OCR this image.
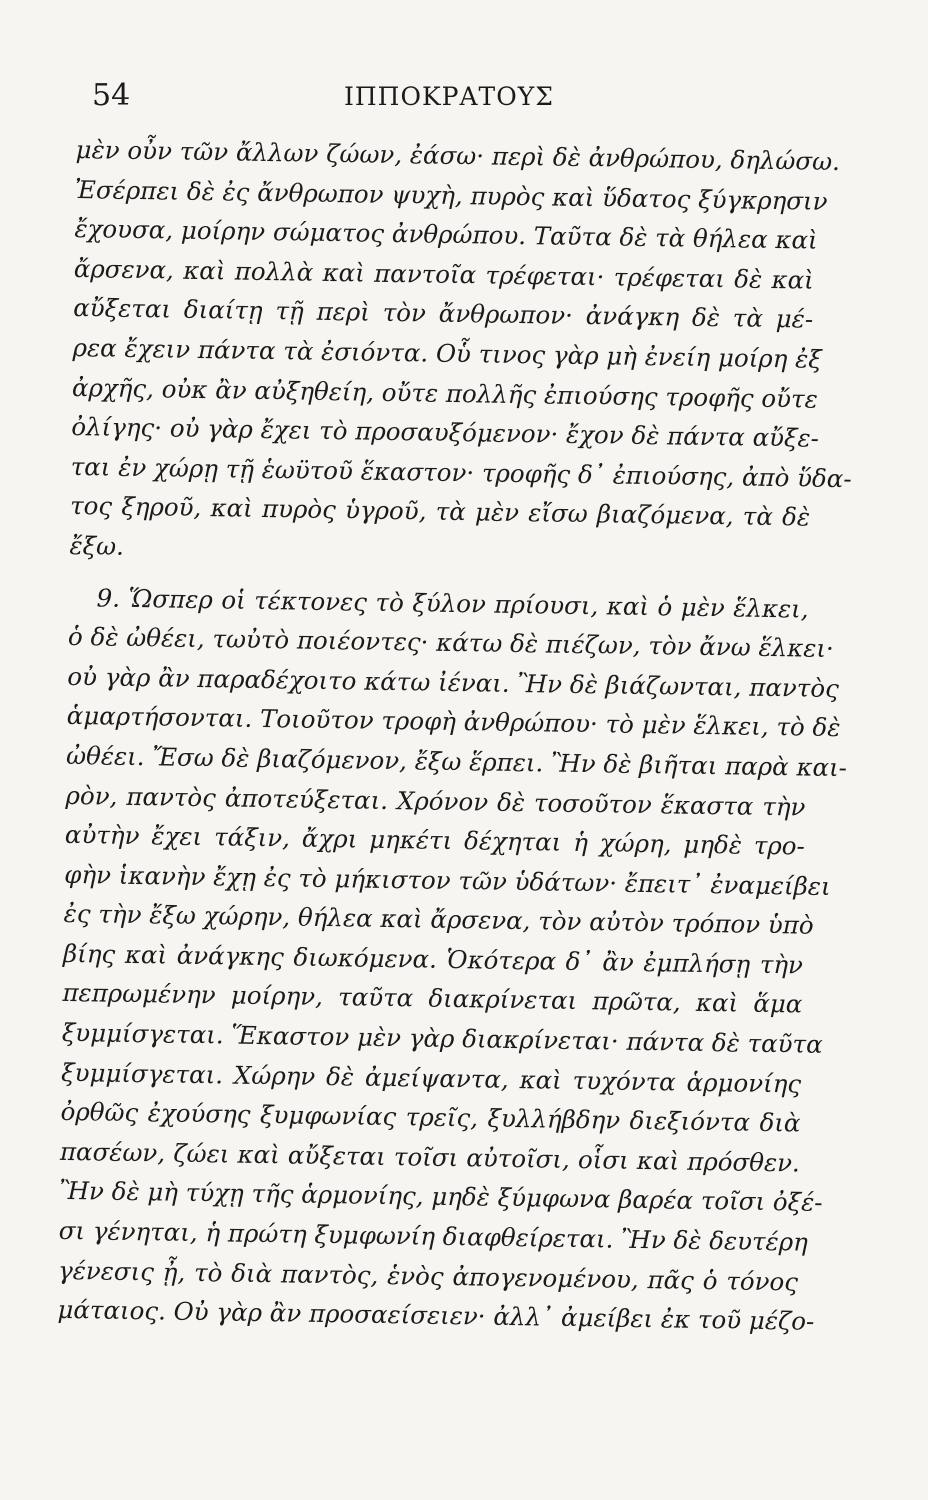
54	ΙΠΠΟΚΡΑΤΟΥΣ
μὲν οὖν τῶν ἄλλων ζώων, ἐάσω· περὶ δὲ ἀνθρώπου, δηλώσω.
Ἐσέρπει δὲ ἐς ἄνθρωπον ψυχὴ, πυρὸς καὶ ὕδατος ξύγκρησιν
ἔχουσα, μοίρην σώματος ἀνθρώπου. Ταῦτα δὲ τὰ θήλεα καὶ
ἄρσενα, καὶ πολλὰ καὶ παντοῖα τρέφεται· τρέφεται δὲ καὶ
αὔξεται διαίτῃ τῇ περὶ τὸν ἄνθρωπον· ἀνάγκη δὲ τὰ μέ-
ρεα ἔχειν πάντα τὰ ἐσιόντα. Οὗ τινος γὰρ μὴ ἐνείη μοίρη ἐξ
ἀρχῆς, οὐκ ἂν αὐξηθείη, οὔτε πολλῆς ἐπιούσης τροφῆς οὔτε
ὀλίγης· οὐ γὰρ ἔχει τὸ προσαυξόμενον· ἔχον δὲ πάντα αὔξε-
ται ἐν χώρῃ τῇ ἑωϋτοῦ ἕκαστον· τροφῆς δ᾽ ἐπιούσης, ἀπὸ ὕδα-
τος ξηροῦ, καὶ πυρὸς ὑγροῦ, τὰ μὲν εἴσω βιαζόμενα, τὰ δὲ
ἔξω.
9. Ὥσπερ οἱ τέκτονες τὸ ξύλον πρίουσι, καὶ ὁ μὲν ἕλκει,
ὁ δὲ ὠθέει, τωὐτὸ ποιέοντες· κάτω δὲ πιέζων, τὸν ἄνω ἕλκει·
οὐ γὰρ ἂν παραδέχοιτο κάτω ἰέναι. Ἢν δὲ βιάζωνται, παντὸς
ἁμαρτήσονται. Τοιοῦτον τροφὴ ἀνθρώπου· τὸ μὲν ἕλκει, τὸ δὲ
ὠθέει. Ἔσω δὲ βιαζόμενον, ἔξω ἕρπει. Ἢν δὲ βιῆται παρὰ και-
ρὸν, παντὸς ἀποτεύξεται. Χρόνον δὲ τοσοῦτον ἕκαστα τὴν
αὐτὴν ἔχει τάξιν, ἄχρι μηκέτι δέχηται ἡ χώρη, μηδὲ τρο-
φὴν ἱκανὴν ἔχῃ ἐς τὸ μήκιστον τῶν ὑδάτων· ἔπειτ᾽ ἐναμείβει
ἐς τὴν ἔξω χώρην, θήλεα καὶ ἄρσενα, τὸν αὐτὸν τρόπον ὑπὸ
βίης καὶ ἀνάγκης διωκόμενα. Ὁκότερα δ᾽ ἂν ἐμπλήσῃ τὴν
πεπρωμένην μοίρην, ταῦτα διακρίνεται πρῶτα, καὶ ἅμα
ξυμμίσγεται. Ἕκαστον μὲν γὰρ διακρίνεται· πάντα δὲ ταῦτα
ξυμμίσγεται. Χώρην δὲ ἀμείψαντα, καὶ τυχόντα ἁρμονίης
ὀρθῶς ἐχούσης ξυμφωνίας τρεῖς, ξυλλήβδην διεξιόντα διὰ
πασέων, ζώει καὶ αὔξεται τοῖσι αὐτοῖσι, οἷσι καὶ πρόσθεν.
Ἢν δὲ μὴ τύχῃ τῆς ἁρμονίης, μηδὲ ξύμφωνα βαρέα τοῖσι ὀξέ-
σι γένηται, ἡ πρώτη ξυμφωνίη διαφθείρεται. Ἢν δὲ δευτέρη
γένεσις ᾖ, τὸ διὰ παντὸς, ἑνὸς ἀπογενομένου, πᾶς ὁ τόνος
μάταιος. Οὐ γὰρ ἂν προσαείσειεν· ἀλλ᾽ ἀμείβει ἐκ τοῦ μέζο-
